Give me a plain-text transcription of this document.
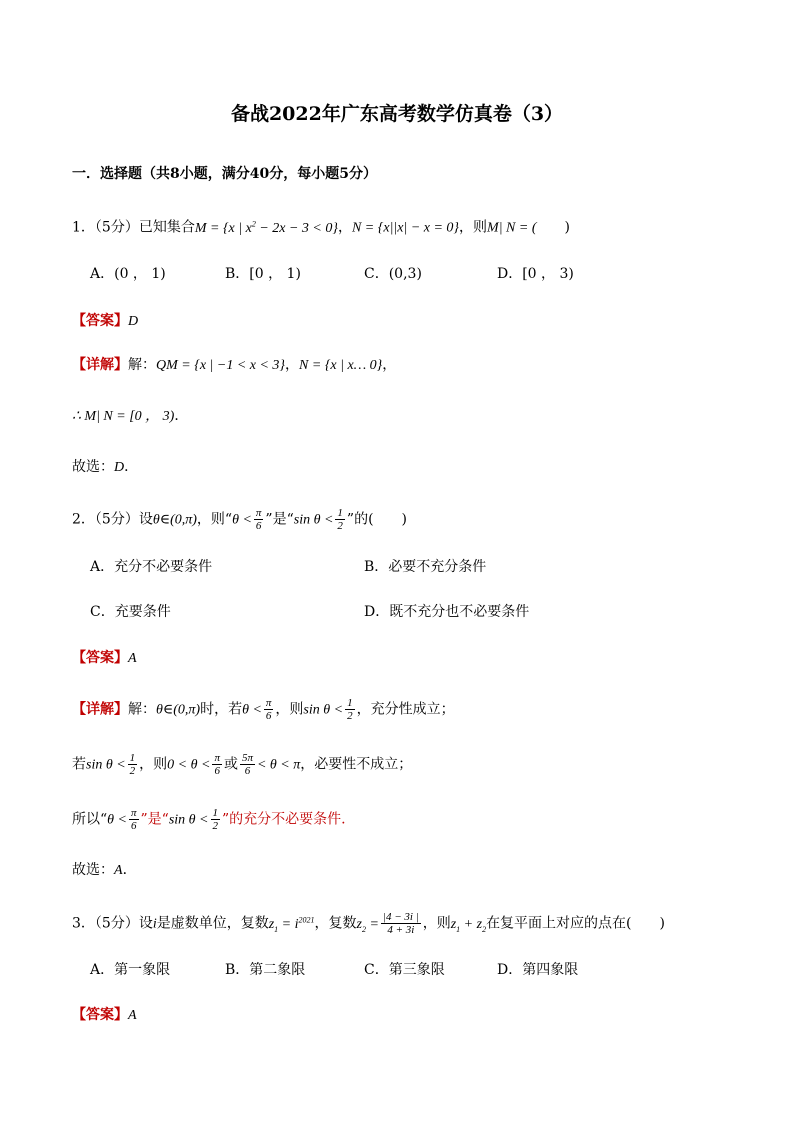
备战2022年广东高考数学仿真卷（3）
一．选择题（共8小题，满分40分，每小题5分）
1．（5分）已知集合M = {x | $x^2 - 2x - 3 < 0$}，N = {x||x| − x = 0}，则M| N = ( )
A．(0 ， 1)	B．[0 ， 1)	C．(0,3)	D．[0 ， 3)
【答案】D
【详解】解：QM = {x | −1 < x < 3}，N = {x | x… 0}，
∴ M| N = [0 ， 3)．
故选：D．
2．（5分）设θ∈(0,π)，则“$\theta < \frac{\pi}{6}$ ”是“sin $\theta < \frac{1}{2}$ ”的( )
A．充分不必要条件	B．必要不充分条件
C．充要条件	D．既不充分也不必要条件
【答案】A
【详解】解：θ∈(0,π)时，若$\theta < \frac{\pi}{6}$ ，则$\sin \theta < \frac{1}{2}$ ，充分性成立；
若$\sin \theta < \frac{1}{2}$ ，则$0 < \theta < \frac{\pi}{6}$ 或 $\frac{5\pi}{6} < \theta < \pi$，必要性不成立；
所以“$\theta < \frac{\pi}{6}$ ”是“sin $\theta < \frac{1}{2}$ ”的充分不必要条件.
故选：A．
3．（5分）设i是虚数单位，复数$z_1 = i^{2021}$，复数$z_2 = \frac{|4 - 3i |}{4 + 3i}$ ，则$z_1 + z_2$在复平面上对应的点在( )
A．第一象限	B．第二象限	C．第三象限	D．第四象限
【答案】A
